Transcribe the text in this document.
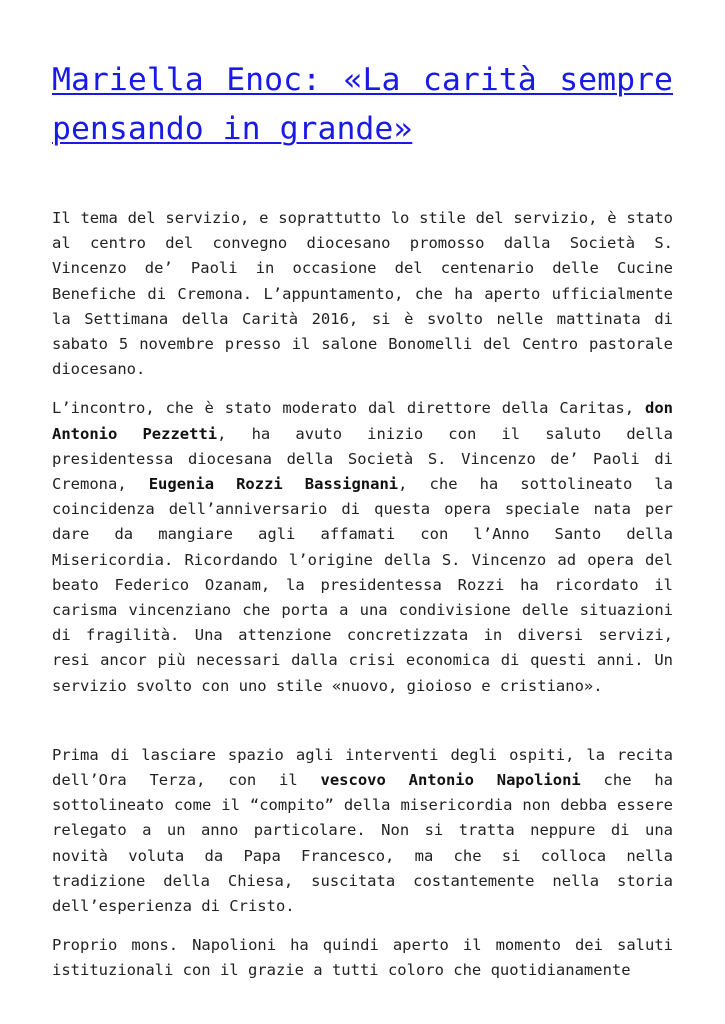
Mariella Enoc: «La carità sempre pensando in grande»

Il tema del servizio, e soprattutto lo stile del servizio, è stato al centro del convegno diocesano promosso dalla Società S. Vincenzo de’ Paoli in occasione del centenario delle Cucine Benefiche di Cremona. L’appuntamento, che ha aperto ufficialmente la Settimana della Carità 2016, si è svolto nelle mattinata di sabato 5 novembre presso il salone Bonomelli del Centro pastorale diocesano.

L’incontro, che è stato moderato dal direttore della Caritas, don Antonio Pezzetti, ha avuto inizio con il saluto della presidentessa diocesana della Società S. Vincenzo de’ Paoli di Cremona, Eugenia Rozzi Bassignani, che ha sottolineato la coincidenza dell’anniversario di questa opera speciale nata per dare da mangiare agli affamati con l’Anno Santo della Misericordia. Ricordando l’origine della S. Vincenzo ad opera del beato Federico Ozanam, la presidentessa Rozzi ha ricordato il carisma vincenziano che porta a una condivisione delle situazioni di fragilità. Una attenzione concretizzata in diversi servizi, resi ancor più necessari dalla crisi economica di questi anni. Un servizio svolto con uno stile «nuovo, gioioso e cristiano».

Prima di lasciare spazio agli interventi degli ospiti, la recita dell’Ora Terza, con il vescovo Antonio Napolioni che ha sottolineato come il “compito” della misericordia non debba essere relegato a un anno particolare. Non si tratta neppure di una novità voluta da Papa Francesco, ma che si colloca nella tradizione della Chiesa, suscitata costantemente nella storia dell’esperienza di Cristo.

Proprio mons. Napolioni ha quindi aperto il momento dei saluti istituzionali con il grazie a tutti coloro che quotidianamente
